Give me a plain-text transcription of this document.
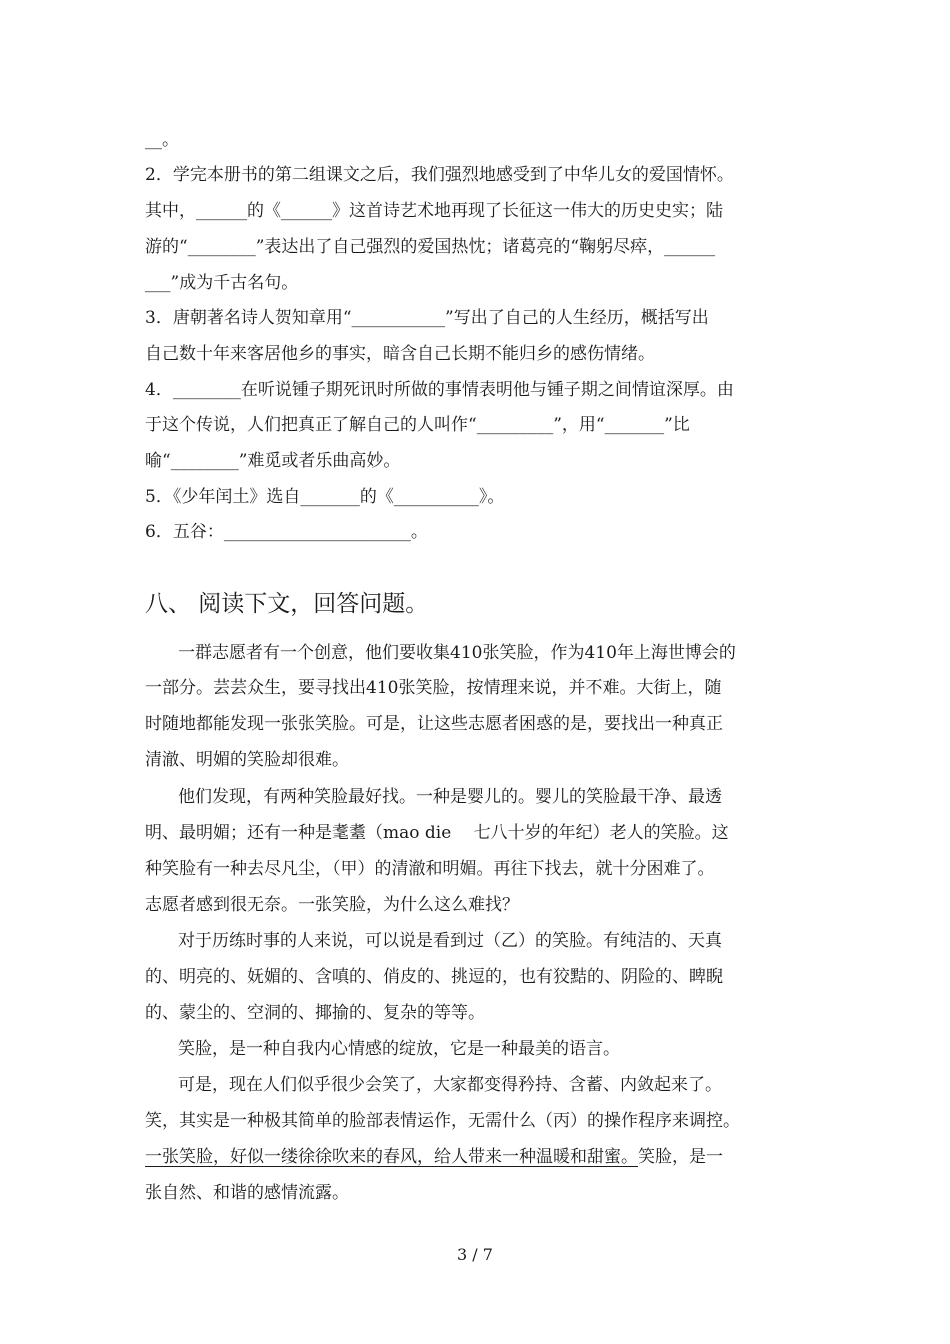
__。
2．学完本册书的第二组课文之后，我们强烈地感受到了中华儿女的爱国情怀。
其中，______的《______》这首诗艺术地再现了长征这一伟大的历史史实；陆
游的“________”表达出了自己强烈的爱国热忱；诸葛亮的“鞠躬尽瘁，______
___”成为千古名句。
3．唐朝著名诗人贺知章用“___________”写出了自己的人生经历，概括写出
自己数十年来客居他乡的事实，暗含自己长期不能归乡的感伤情绪。
4．________在听说锺子期死讯时所做的事情表明他与锺子期之间情谊深厚。由
于这个传说，人们把真正了解自己的人叫作“_________”，用“_______”比
喻“________”难觅或者乐曲高妙。
5．《少年闰土》选自_______的《__________》。
6．五谷：______________________。
八、 阅读下文，回答问题。
一群志愿者有一个创意，他们要收集410张笑脸，作为410年上海世博会的
一部分。芸芸众生，要寻找出410张笑脸，按情理来说，并不难。大街上，随
时随地都能发现一张张笑脸。可是，让这些志愿者困惑的是，要找出一种真正
清澈、明媚的笑脸却很难。
他们发现，有两种笑脸最好找。一种是婴儿的。婴儿的笑脸最干净、最透
明、最明媚；还有一种是耄耋（mao die　 七八十岁的年纪）老人的笑脸。这
种笑脸有一种去尽凡尘，（甲）的清澈和明媚。再往下找去，就十分困难了。
志愿者感到很无奈。一张笑脸，为什么这么难找？
对于历练时事的人来说，可以说是看到过（乙）的笑脸。有纯洁的、天真
的、明亮的、妩媚的、含嗔的、俏皮的、挑逗的，也有狡黠的、阴险的、睥睨
的、蒙尘的、空洞的、揶揄的、复杂的等等。
笑脸，是一种自我内心情感的绽放，它是一种最美的语言。
可是，现在人们似乎很少会笑了，大家都变得矜持、含蓄、内敛起来了。
笑，其实是一种极其简单的脸部表情运作，无需什么（丙）的操作程序来调控。
一张笑脸，好似一缕徐徐吹来的春风，给人带来一种温暖和甜蜜。笑脸，是一
张自然、和谐的感情流露。
3 / 7
